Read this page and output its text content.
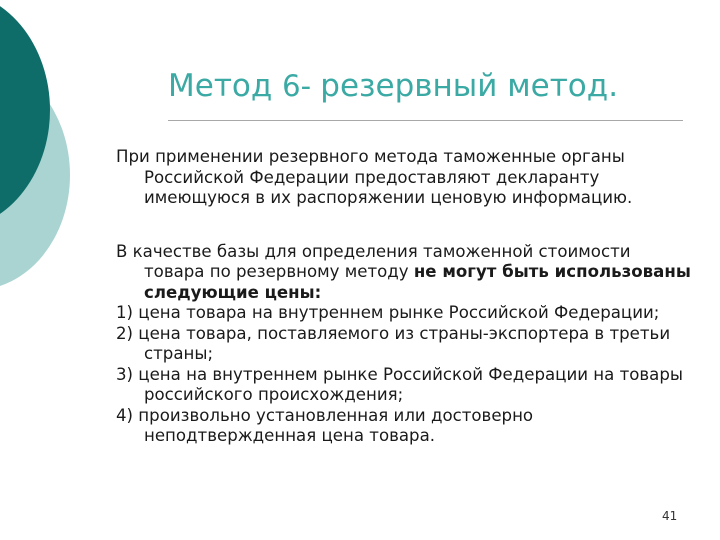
Метод 6- резервный метод.

При применении резервного метода таможенные органы Российской Федерации предоставляют декларанту имеющуюся в их распоряжении ценовую информацию.

В качестве базы для определения таможенной стоимости товара по резервному методу не могут быть использованы следующие цены:

1) цена товара на внутреннем рынке Российской Федерации;

2) цена товара, поставляемого из страны-экспортера в третьи страны;

3) цена на внутреннем рынке Российской Федерации на товары российского происхождения;

4) произвольно установленная или достоверно неподтвержденная цена товара.

41
